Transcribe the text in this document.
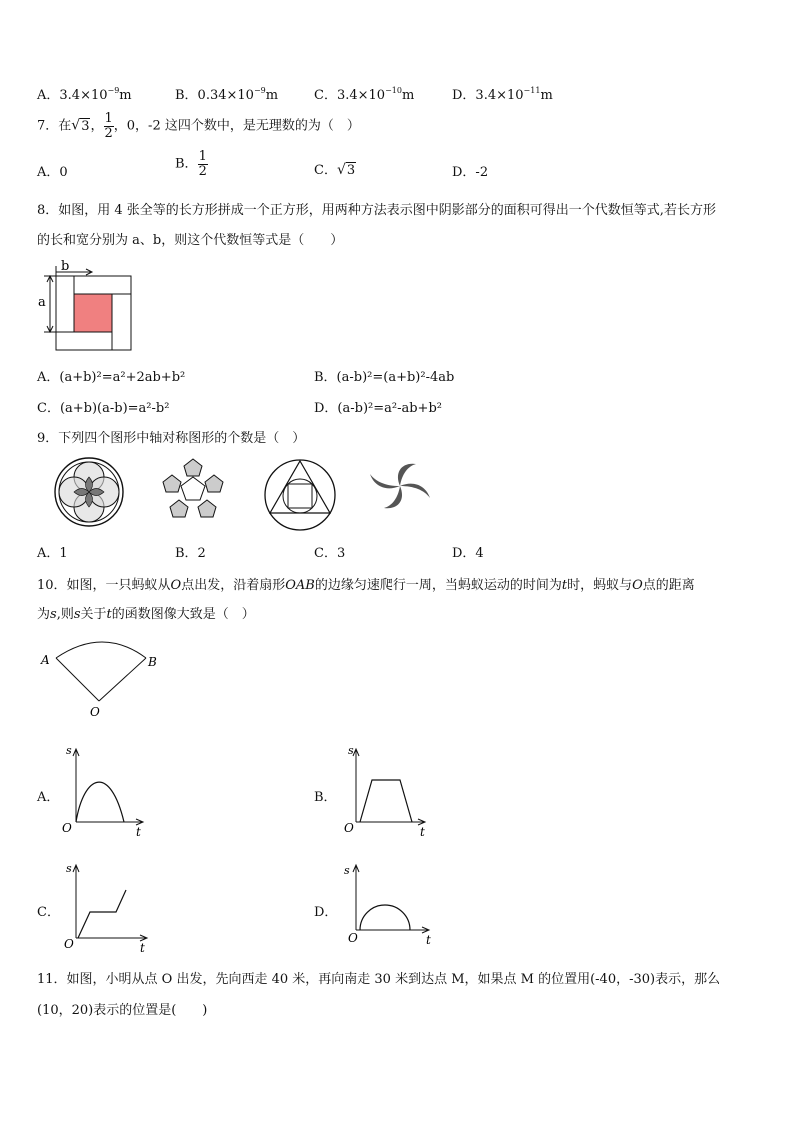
A．$3.4\times 10^{-9}m$	B．$0.34\times 10^{-9}m$	C．$3.4\times 10^{-10}m$	D．$3.4\times 10^{-11}m$
7．在√3， $\frac{1}{2}$ ，0，-2 这四个数中，是无理数的为（　）
A．0
B． $\frac{1}{2}$	C．√3	D．-2
8．如图，用 4 张全等的长方形拼成一个正方形，用两种方法表示图中阴影部分的面积可得出一个代数恒等式,若长方形
的长和宽分别为 a、b，则这个代数恒等式是（　　）
b
a
A．(a+b)²=a²+2ab+b²	B．(a-b)²=(a+b)²-4ab
C．(a+b)(a-b)=a²-b²	D．(a-b)²=a²-ab+b²
9．下列四个图形中轴对称图形的个数是（　）
A．1	B．2	C．3	D．4
10．如图，一只蚂蚁从O点出发，沿着扇形OAB的边缘匀速爬行一周，当蚂蚁运动的时间为t时，蚂蚁与O点的距离
为s,则s关于t的函数图像大致是（　）
A	B
O
A．
O	t
s
B．
O	t
s
C．
O	t
s
D．
O	t
s
11．如图，小明从点 O 出发，先向西走 40 米，再向南走 30 米到达点 M，如果点 M 的位置用(-40，-30)表示，那么
(10，20)表示的位置是(　　)
